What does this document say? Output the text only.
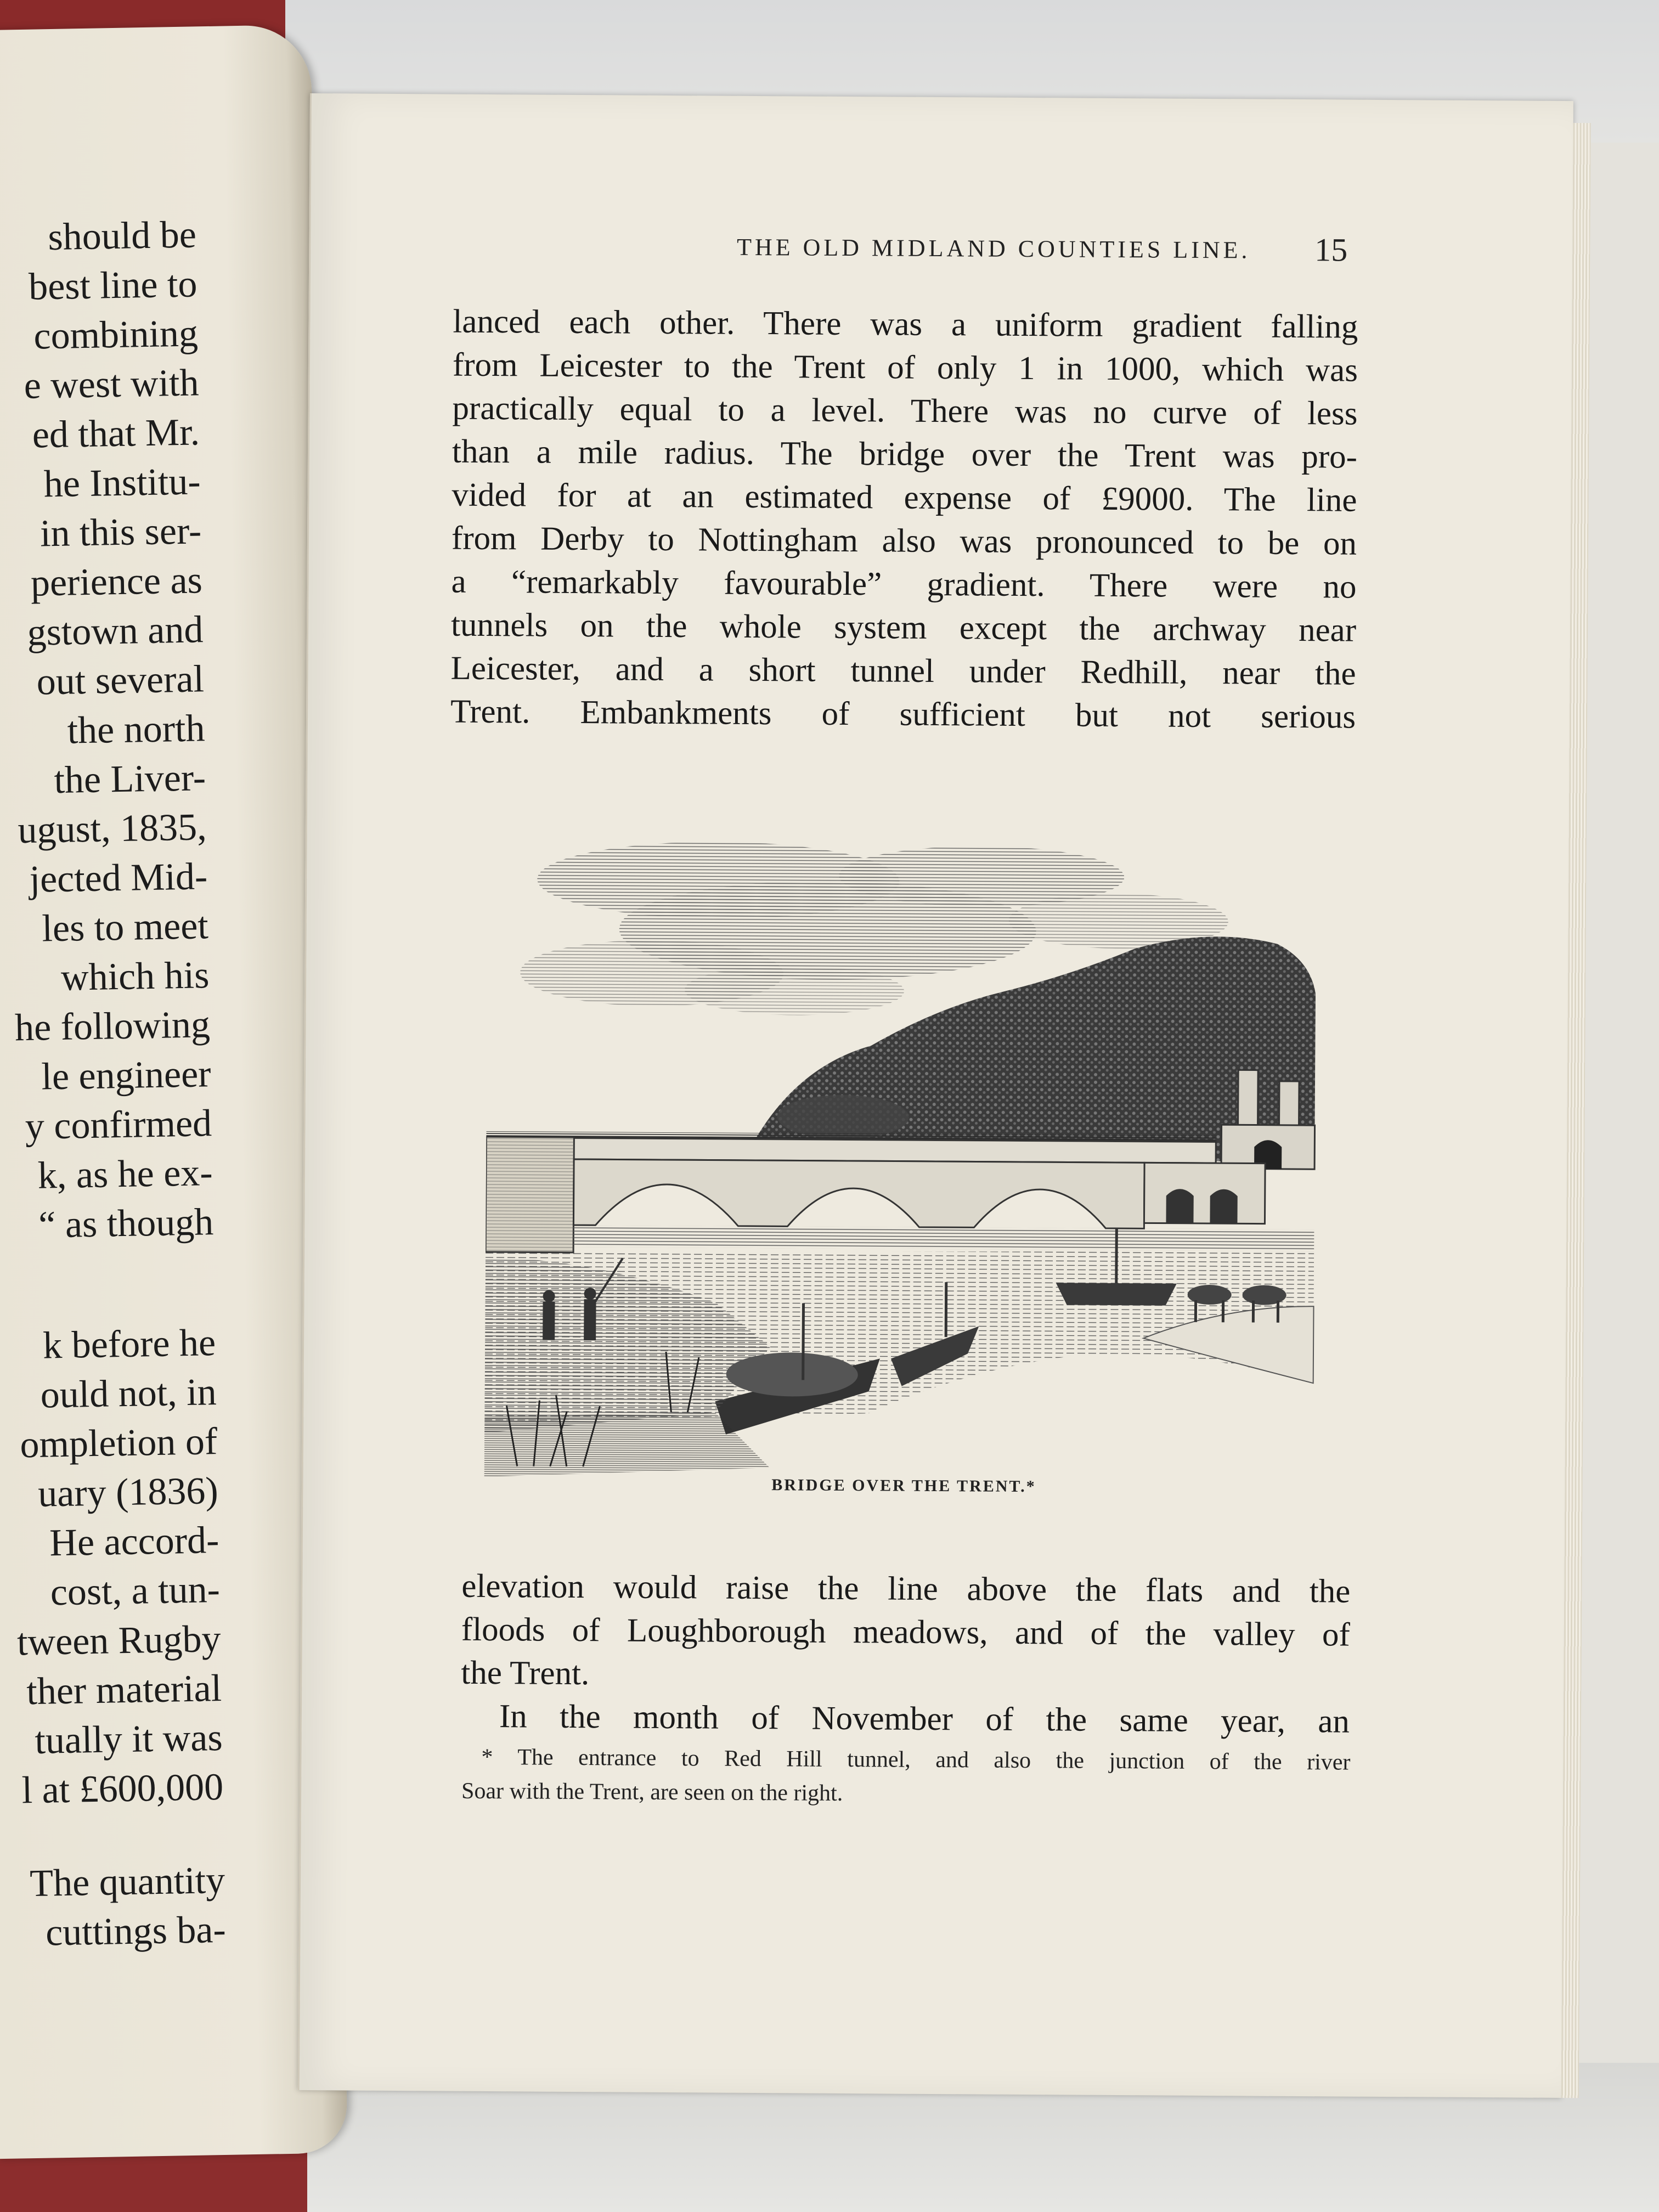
should be
best line to
combining
e west with
ed that Mr.
he Institu-
in this ser-
perience as
gstown and
out several
the north
the Liver-
ugust, 1835,
jected Mid-
les to meet
which his
he following
le engineer
y confirmed
k, as he ex-
“ as though
k before he
ould not, in
ompletion of
uary (1836)
He accord-
cost, a tun-
tween Rugby
ther material
tually it was
l at £600,000
The quantity
cuttings ba-
THE OLD MIDLAND COUNTIES LINE.	15
lanced each other. There was a uniform gradient falling
from Leicester to the Trent of only 1 in 1000, which was
practically equal to a level. There was no curve of less
than a mile radius. The bridge over the Trent was pro-
vided for at an estimated expense of £9000. The line
from Derby to Nottingham also was pronounced to be on
a “remarkably favourable” gradient. There were no
tunnels on the whole system except the archway near
Leicester, and a short tunnel under Redhill, near the
Trent. Embankments of sufficient but not serious
BRIDGE OVER THE TRENT.*
elevation would raise the line above the flats and the
floods of Loughborough meadows, and of the valley of
the Trent.
In the month of November of the same year, an
* The entrance to Red Hill tunnel, and also the junction of the river
Soar with the Trent, are seen on the right.
